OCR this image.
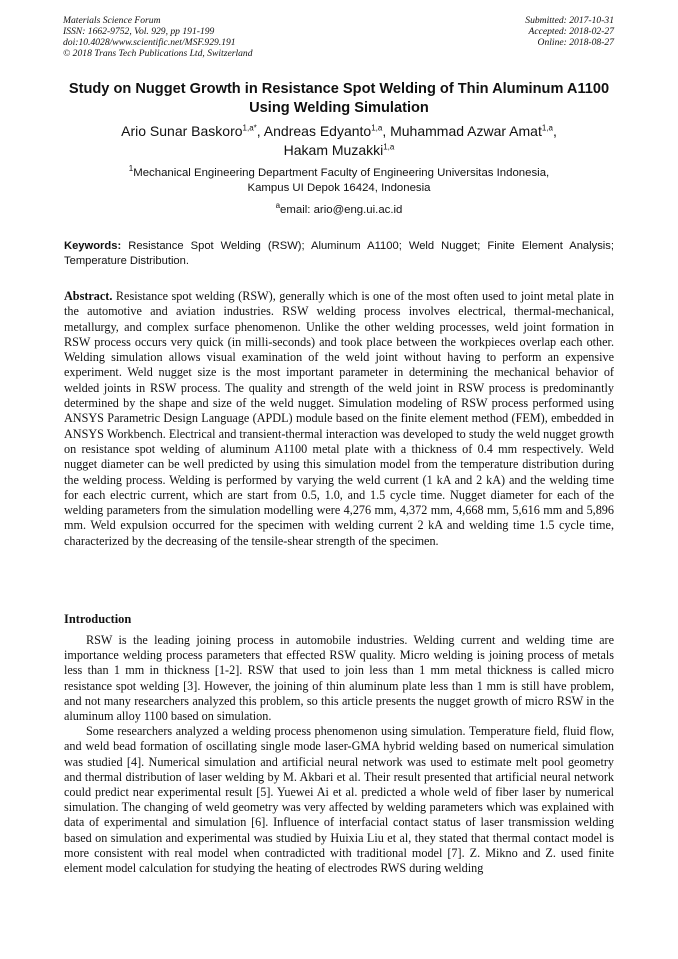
Materials Science Forum
ISSN: 1662-9752, Vol. 929, pp 191-199
doi:10.4028/www.scientific.net/MSF.929.191
© 2018 Trans Tech Publications Ltd, Switzerland
Submitted: 2017-10-31
Accepted: 2018-02-27
Online: 2018-08-27
Study on Nugget Growth in Resistance Spot Welding of Thin Aluminum A1100 Using Welding Simulation
Ario Sunar Baskoro$^{1,a*}$, Andreas Edyanto$^{1,a}$, Muhammad Azwar Amat$^{1,a}$,
Hakam Muzakki$^{1,a}$
$^1$Mechanical Engineering Department Faculty of Engineering Universitas Indonesia,
Kampus UI Depok 16424, Indonesia
$^a$email: ario@eng.ui.ac.id
Keywords: Resistance Spot Welding (RSW); Aluminum A1100; Weld Nugget; Finite Element Analysis; Temperature Distribution.
Abstract. Resistance spot welding (RSW), generally which is one of the most often used to joint metal plate in the automotive and aviation industries. RSW welding process involves electrical, thermal-mechanical, metallurgy, and complex surface phenomenon. Unlike the other welding processes, weld joint formation in RSW process occurs very quick (in milli-seconds) and took place between the workpieces overlap each other. Welding simulation allows visual examination of the weld joint without having to perform an expensive experiment. Weld nugget size is the most important parameter in determining the mechanical behavior of welded joints in RSW process. The quality and strength of the weld joint in RSW process is predominantly determined by the shape and size of the weld nugget. Simulation modeling of RSW process performed using ANSYS Parametric Design Language (APDL) module based on the finite element method (FEM), embedded in ANSYS Workbench. Electrical and transient-thermal interaction was developed to study the weld nugget growth on resistance spot welding of aluminum A1100 metal plate with a thickness of 0.4 mm respectively. Weld nugget diameter can be well predicted by using this simulation model from the temperature distribution during the welding process. Welding is performed by varying the weld current (1 kA and 2 kA) and the welding time for each electric current, which are start from 0.5, 1.0, and 1.5 cycle time. Nugget diameter for each of the welding parameters from the simulation modelling were 4,276 mm, 4,372 mm, 4,668 mm, 5,616 mm and 5,896 mm. Weld expulsion occurred for the specimen with welding current 2 kA and welding time 1.5 cycle time, characterized by the decreasing of the tensile-shear strength of the specimen.
Introduction

RSW is the leading joining process in automobile industries. Welding current and welding time are importance welding process parameters that effected RSW quality. Micro welding is joining process of metals less than 1 mm in thickness [1-2]. RSW that used to join less than 1 mm metal thickness is called micro resistance spot welding [3]. However, the joining of thin aluminum plate less than 1 mm is still have problem, and not many researchers analyzed this problem, so this article presents the nugget growth of micro RSW in the aluminum alloy 1100 based on simulation.

Some researchers analyzed a welding process phenomenon using simulation. Temperature field, fluid flow, and weld bead formation of oscillating single mode laser-GMA hybrid welding based on numerical simulation was studied [4]. Numerical simulation and artificial neural network was used to estimate melt pool geometry and thermal distribution of laser welding by M. Akbari et al. Their result presented that artificial neural network could predict near experimental result [5]. Yuewei Ai et al. predicted a whole weld of fiber laser by numerical simulation. The changing of weld geometry was very affected by welding parameters which was explained with data of experimental and simulation [6]. Influence of interfacial contact status of laser transmission welding based on simulation and experimental was studied by Huixia Liu et al, they stated that thermal contact model is more consistent with real model when contradicted with traditional model [7]. Z. Mikno and Z. used finite element model calculation for studying the heating of electrodes RWS during welding
